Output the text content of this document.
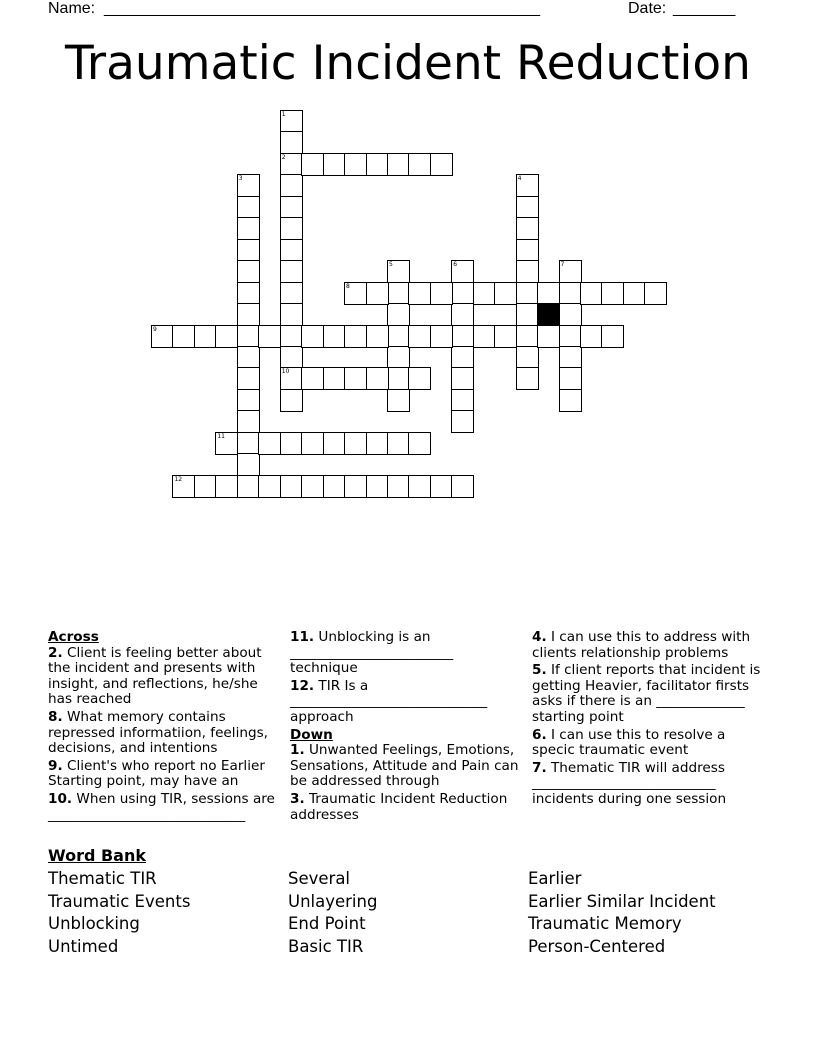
Name: _________________________________________________	Date: _______
Traumatic Incident Reduction
1
2
10
3	4
5	6	7
8
9
11
12
Across
2. Client is feeling better about the incident and presents with insight, and reflections, he/she has reached
8. What memory contains repressed informatiion, feelings, decisions, and intentions
9. Client's who report no Earlier Starting point, may have an
10. When using TIR, sessions are
_____________________________
11. Unblocking is an
________________________
technique
12. TIR Is a
_____________________________
approach
Down
1. Unwanted Feelings, Emotions, Sensations, Attitude and Pain can be addressed through
3. Traumatic Incident Reduction addresses
4. I can use this to address with clients relationship problems
5. If client reports that incident is getting Heavier, facilitator firsts asks if there is an _____________ starting point
6. I can use this to resolve a specic traumatic event
7. Thematic TIR will address
___________________________
incidents during one session
Word Bank
Thematic TIR
Traumatic Events
Unblocking
Untimed
Several
Unlayering
End Point
Basic TIR
Earlier
Earlier Similar Incident
Traumatic Memory
Person-Centered
